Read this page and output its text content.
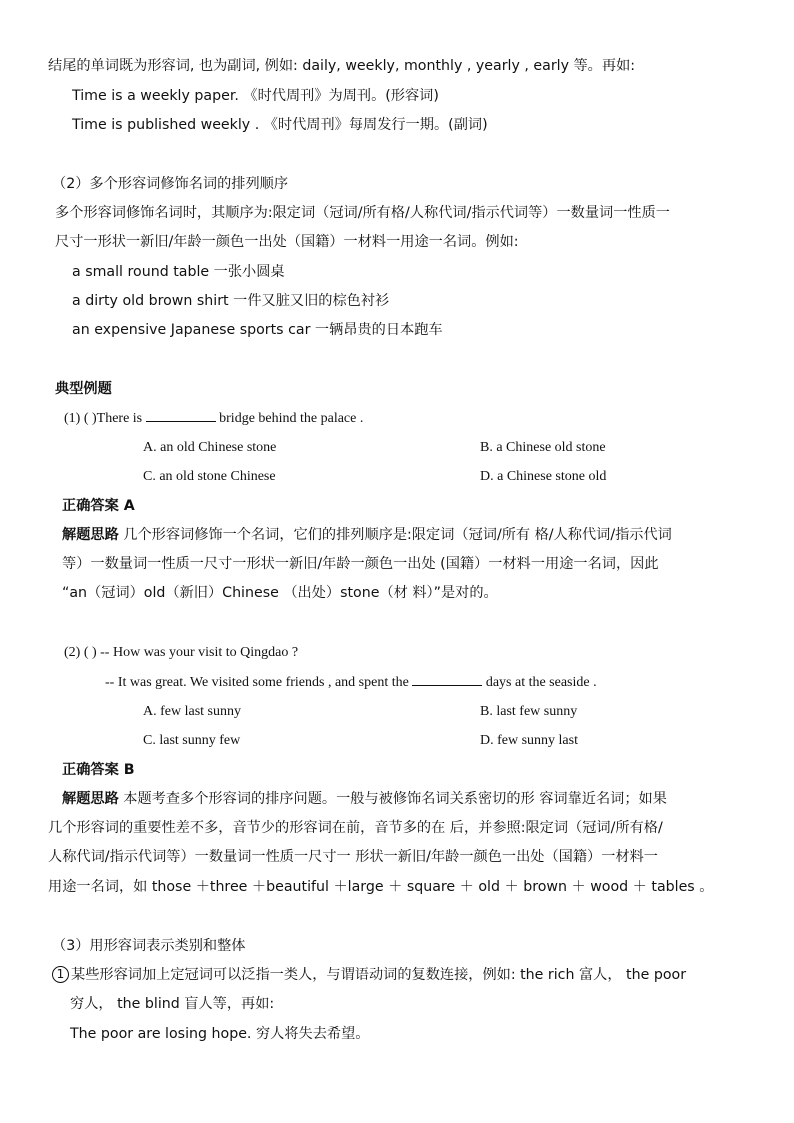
结尾的单词既为形容词, 也为副词, 例如: daily, weekly, monthly , yearly , early 等。再如:
Time is a weekly paper. 《时代周刊》为周刊。(形容词)
Time is published weekly . 《时代周刊》每周发行一期。(副词)
（2）多个形容词修饰名词的排列顺序
多个形容词修饰名词时，其顺序为:限定词（冠词/所有格/人称代词/指示代词等）一数量词一性质一
尺寸一形状一新旧/年龄一颜色一出处（国籍）一材料一用途一名词。例如:
a small round table 一张小圆桌
a dirty old brown shirt 一件又脏又旧的棕色衬衫
an expensive Japanese sports car 一辆昂贵的日本跑车
典型例题
(1) ( )There is	bridge behind the palace .
A. an old Chinese stone	B. a Chinese old stone
C. an old stone Chinese	D. a Chinese stone old
正确答案 A
解题思路 几个形容词修饰一个名词，它们的排列顺序是:限定词（冠词/所有 格/人称代词/指示代词
等）一数量词一性质一尺寸一形状一新旧/年龄一颜色一出处 (国籍）一材料一用途一名词，因此
“an（冠词）old（新旧）Chinese （出处）stone（材 料）”是对的。
(2) ( ) -- How was your visit to Qingdao ?
-- It was great. We visited some friends , and spent the	days at the seaside .
A. few last sunny	B. last few sunny
C. last sunny few	D. few sunny last
正确答案 B
解题思路 本题考查多个形容词的排序问题。一般与被修饰名词关系密切的形 容词靠近名词；如果
几个形容词的重要性差不多，音节少的形容词在前，音节多的在 后，并参照:限定词（冠词/所有格/
人称代词/指示代词等）一数量词一性质一尺寸一 形状一新旧/年龄一颜色一出处（国籍）一材料一
用途一名词，如 those ＋three ＋beautiful ＋large ＋ square ＋ old ＋ brown ＋ wood ＋ tables 。
（3）用形容词表示类别和整体
1 某些形容词加上定冠词可以泛指一类人，与谓语动词的复数连接，例如: the rich 富人， the poor
穷人， the blind 盲人等，再如:
The poor are losing hope. 穷人将失去希望。
